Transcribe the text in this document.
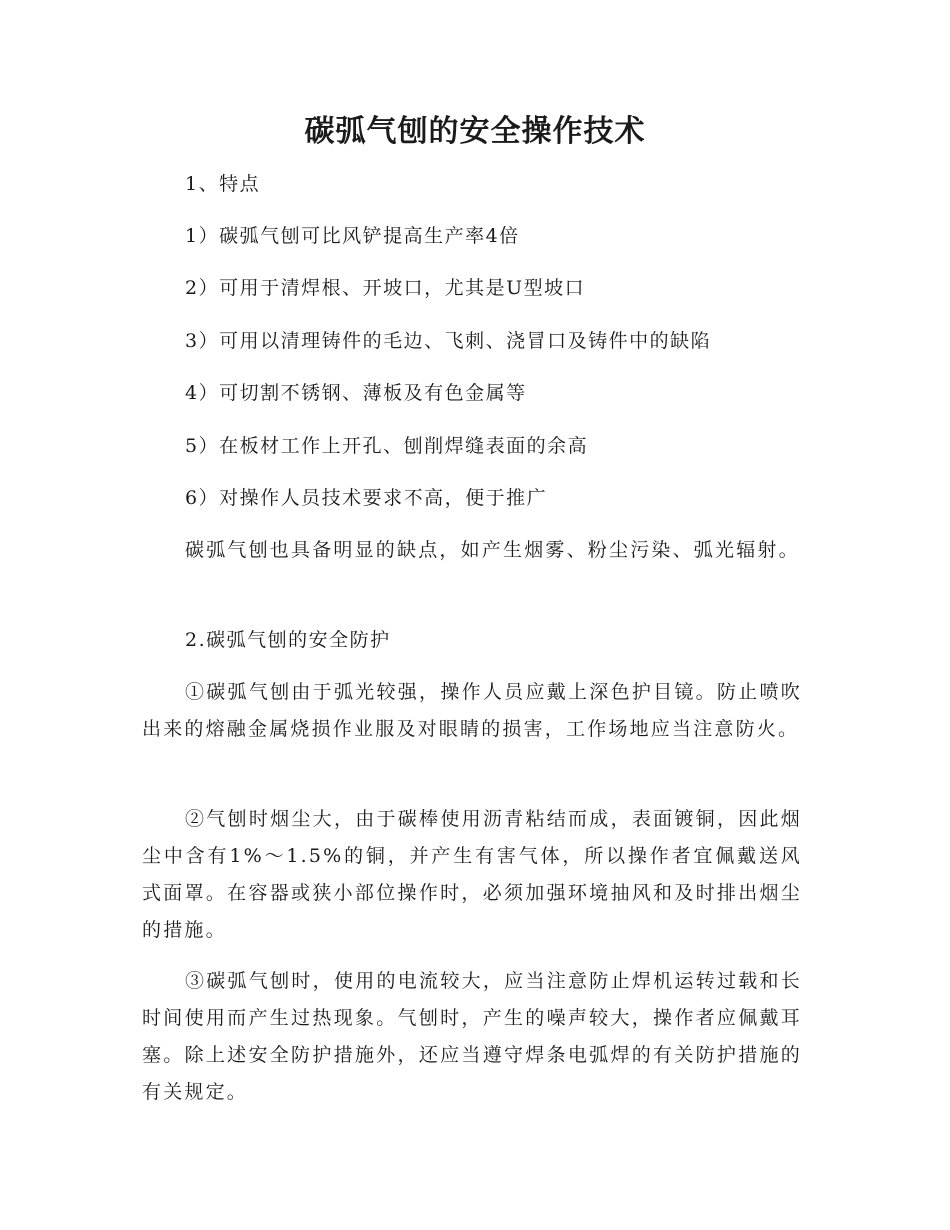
碳弧气刨的安全操作技术

1、特点

1）碳弧气刨可比风铲提高生产率4倍

2）可用于清焊根、开坡口，尤其是U型坡口

3）可用以清理铸件的毛边、飞刺、浇冒口及铸件中的缺陷

4）可切割不锈钢、薄板及有色金属等

5）在板材工作上开孔、刨削焊缝表面的余高

6）对操作人员技术要求不高，便于推广

碳弧气刨也具备明显的缺点，如产生烟雾、粉尘污染、弧光辐射。

2.碳弧气刨的安全防护

①碳弧气刨由于弧光较强，操作人员应戴上深色护目镜。防止喷吹出来的熔融金属烧损作业服及对眼睛的损害，工作场地应当注意防火。

②气刨时烟尘大，由于碳棒使用沥青粘结而成，表面镀铜，因此烟尘中含有1%～1.5%的铜，并产生有害气体，所以操作者宜佩戴送风式面罩。在容器或狭小部位操作时，必须加强环境抽风和及时排出烟尘的措施。

③碳弧气刨时，使用的电流较大，应当注意防止焊机运转过载和长时间使用而产生过热现象。气刨时，产生的噪声较大，操作者应佩戴耳塞。除上述安全防护措施外，还应当遵守焊条电弧焊的有关防护措施的有关规定。
